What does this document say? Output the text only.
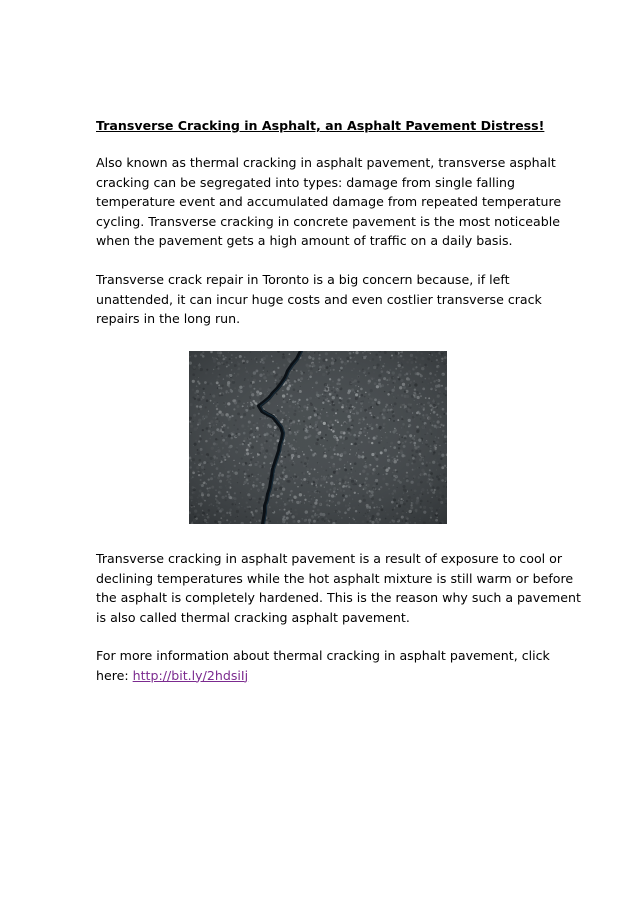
Transverse Cracking in Asphalt, an Asphalt Pavement Distress!
Also known as thermal cracking in asphalt pavement, transverse asphalt
cracking can be segregated into types: damage from single falling
temperature event and accumulated damage from repeated temperature
cycling. Transverse cracking in concrete pavement is the most noticeable
when the pavement gets a high amount of traffic on a daily basis.
Transverse crack repair in Toronto is a big concern because, if left
unattended, it can incur huge costs and even costlier transverse crack
repairs in the long run.
Transverse cracking in asphalt pavement is a result of exposure to cool or
declining temperatures while the hot asphalt mixture is still warm or before
the asphalt is completely hardened. This is the reason why such a pavement
is also called thermal cracking asphalt pavement.
For more information about thermal cracking in asphalt pavement, click
here: http://bit.ly/2hdsiIj
